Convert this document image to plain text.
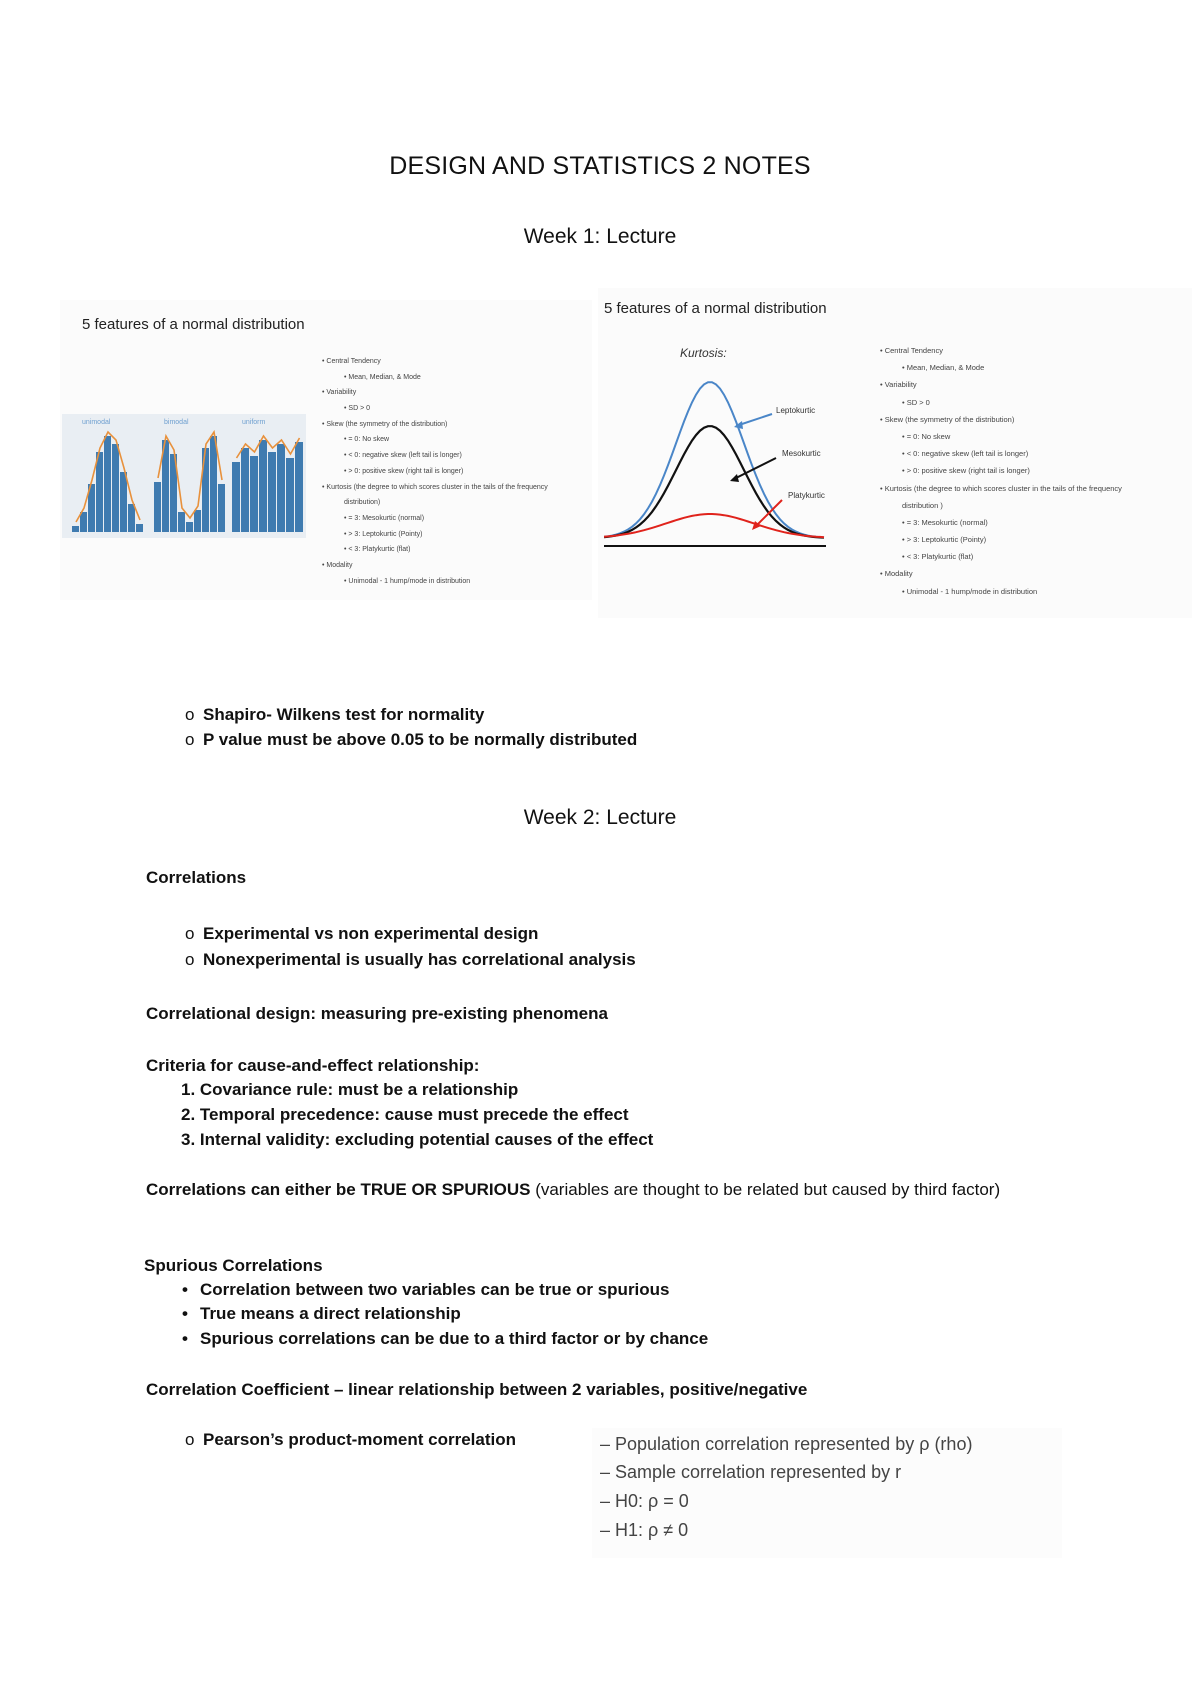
DESIGN AND STATISTICS 2 NOTES
Week 1: Lecture
5 features of a normal distribution
unimodal	bimodal	uniform
• Central Tendency
• Mean, Median, & Mode
• Variability
• SD > 0
• Skew (the symmetry of the distribution)
• = 0: No skew
• < 0: negative skew (left tail is longer)
• > 0: positive skew (right tail is longer)
• Kurtosis (the degree to which scores cluster in the tails of the frequency
distribution)
• = 3: Mesokurtic (normal)
• > 3: Leptokurtic (Pointy)
• < 3: Platykurtic (flat)
• Modality
• Unimodal - 1 hump/mode in distribution
5 features of a normal distribution
Kurtosis:
Leptokurtic
Mesokurtic
Platykurtic
• Central Tendency
• Mean, Median, & Mode
• Variability
• SD > 0
• Skew (the symmetry of the distribution)
• = 0: No skew
• < 0: negative skew (left tail is longer)
• > 0: positive skew (right tail is longer)
• Kurtosis (the degree to which scores cluster in the tails of the frequency
distribution )
• = 3: Mesokurtic (normal)
• > 3: Leptokurtic (Pointy)
• < 3: Platykurtic (flat)
• Modality
• Unimodal - 1 hump/mode in distribution
o Shapiro- Wilkens test for normality
o P value must be above 0.05 to be normally distributed
Week 2: Lecture
Correlations
o Experimental vs non experimental design
o Nonexperimental is usually has correlational analysis
Correlational design: measuring pre-existing phenomena
Criteria for cause-and-effect relationship:
1. Covariance rule: must be a relationship
2. Temporal precedence: cause must precede the effect
3. Internal validity: excluding potential causes of the effect
Correlations can either be TRUE OR SPURIOUS (variables are thought to be related but caused by third factor)
Spurious Correlations
• Correlation between two variables can be true or spurious
• True means a direct relationship
• Spurious correlations can be due to a third factor or by chance
Correlation Coefficient – linear relationship between 2 variables, positive/negative
o Pearson’s product-moment correlation	– Population correlation represented by ρ (rho)
– Sample correlation represented by r
– H0: ρ = 0
– H1: ρ ≠ 0
